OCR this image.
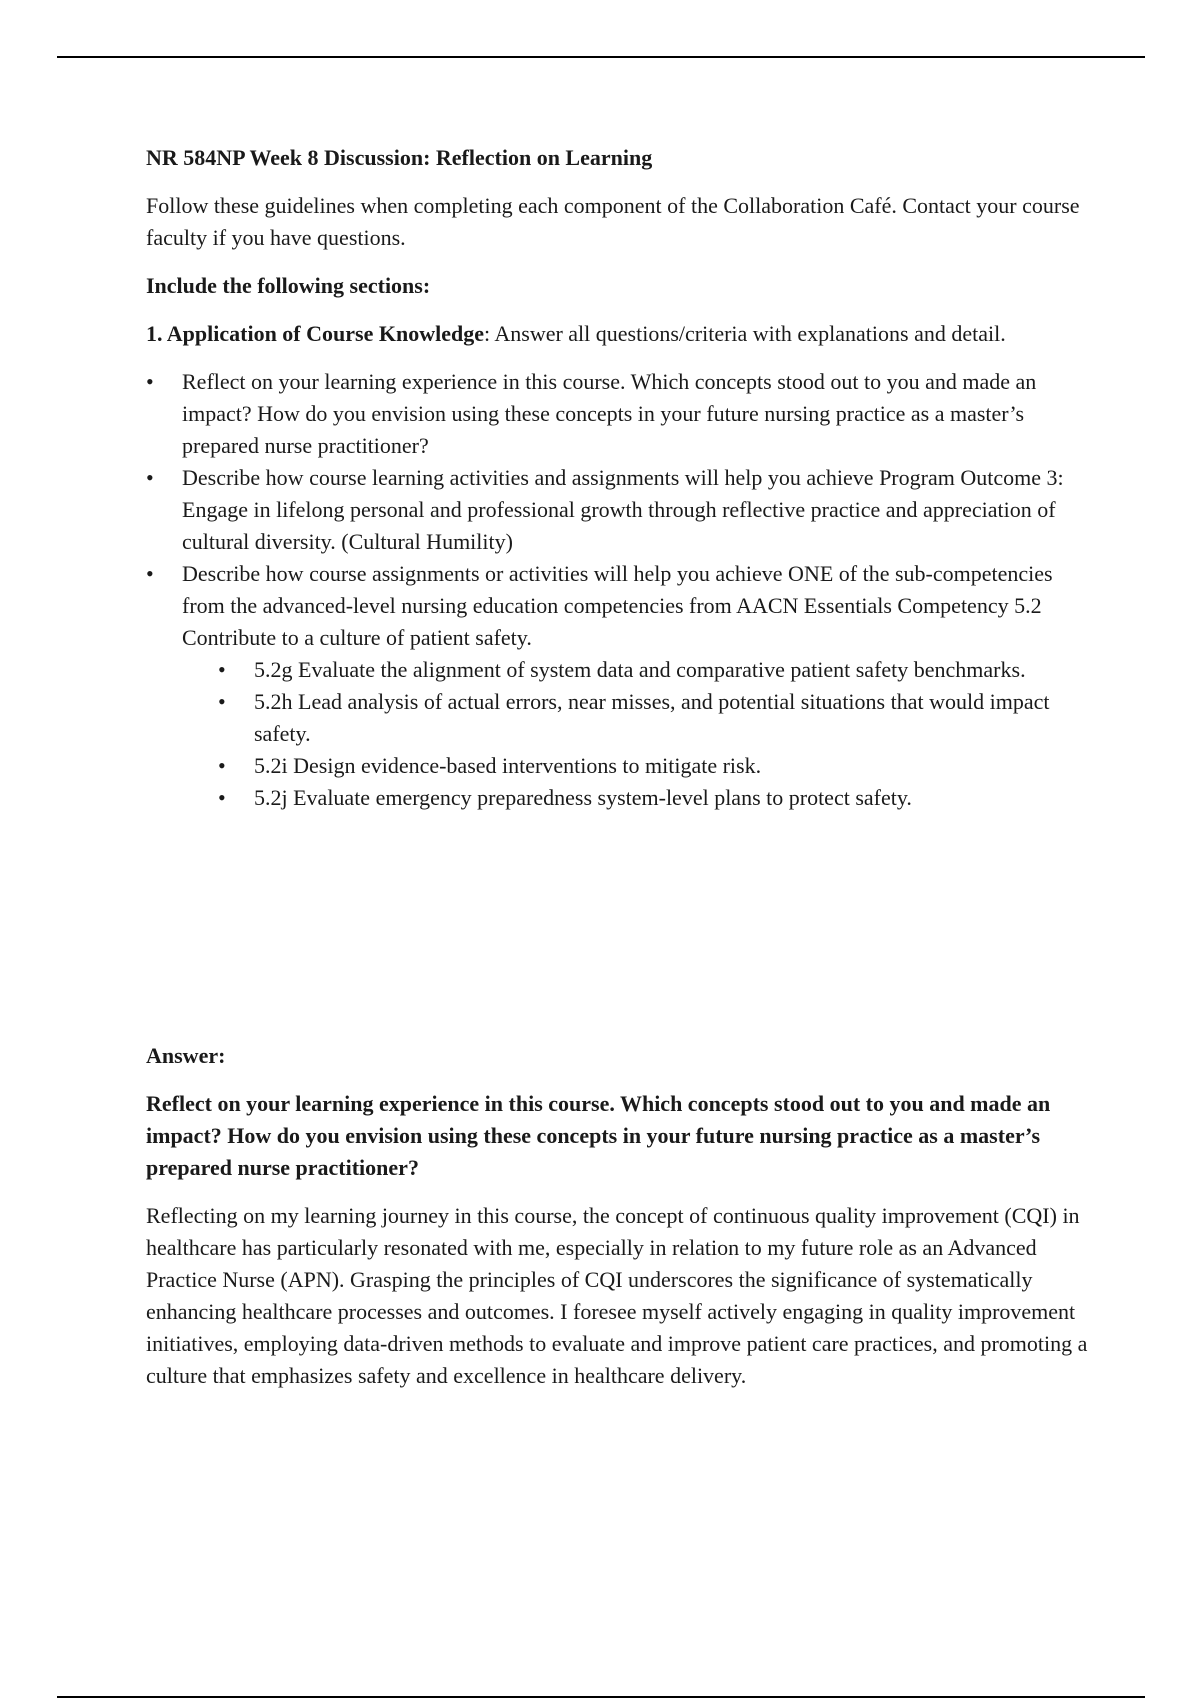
NR 584NP Week 8 Discussion: Reflection on Learning

Follow these guidelines when completing each component of the Collaboration Café. Contact your course faculty if you have questions.

Include the following sections:

1. Application of Course Knowledge: Answer all questions/criteria with explanations and detail.

• Reflect on your learning experience in this course. Which concepts stood out to you and made an impact? How do you envision using these concepts in your future nursing practice as a master’s prepared nurse practitioner?
• Describe how course learning activities and assignments will help you achieve Program Outcome 3: Engage in lifelong personal and professional growth through reflective practice and appreciation of cultural diversity. (Cultural Humility)
• Describe how course assignments or activities will help you achieve ONE of the sub-competencies from the advanced-level nursing education competencies from AACN Essentials Competency 5.2 Contribute to a culture of patient safety.
• 5.2g Evaluate the alignment of system data and comparative patient safety benchmarks.
• 5.2h Lead analysis of actual errors, near misses, and potential situations that would impact safety.
• 5.2i Design evidence-based interventions to mitigate risk.
• 5.2j Evaluate emergency preparedness system-level plans to protect safety.

Answer:

Reflect on your learning experience in this course. Which concepts stood out to you and made an impact? How do you envision using these concepts in your future nursing practice as a master’s prepared nurse practitioner?

Reflecting on my learning journey in this course, the concept of continuous quality improvement (CQI) in healthcare has particularly resonated with me, especially in relation to my future role as an Advanced Practice Nurse (APN). Grasping the principles of CQI underscores the significance of systematically enhancing healthcare processes and outcomes. I foresee myself actively engaging in quality improvement initiatives, employing data-driven methods to evaluate and improve patient care practices, and promoting a culture that emphasizes safety and excellence in healthcare delivery.
